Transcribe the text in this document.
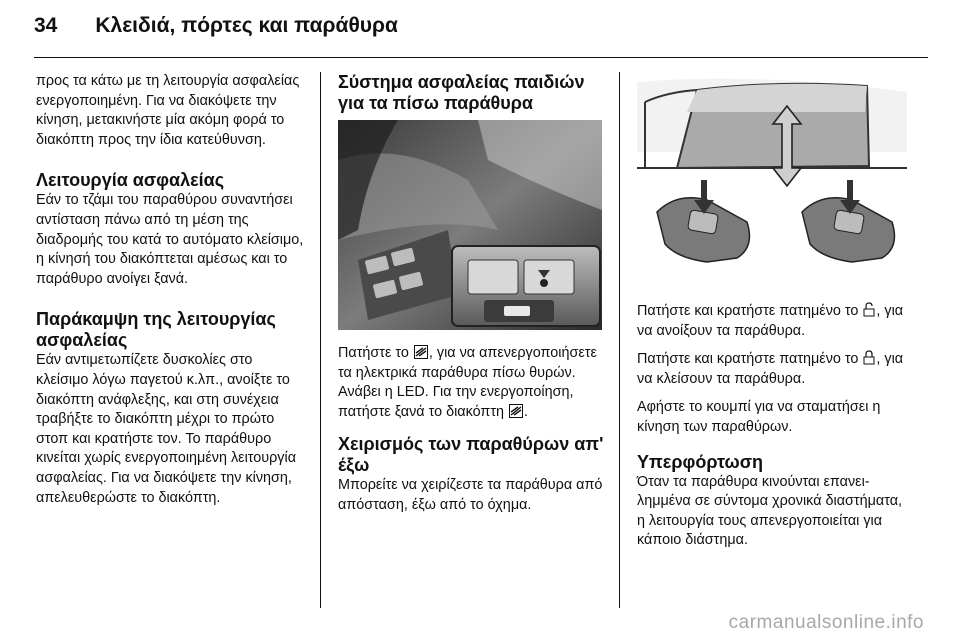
34 Κλειδιά, πόρτες και παράθυρα

προς τα κάτω με τη λειτουργία ασφαλείας ενεργοποιημένη. Για να διακόψετε την κίνηση, μετακινήστε μία ακόμη φορά το διακόπτη προς την ίδια κατεύθυνση.

Λειτουργία ασφαλείας

Εάν το τζάμι του παραθύρου συναντήσει αντίσταση πάνω από τη μέση της διαδρομής του κατά το αυτόματο κλείσιμο, η κίνησή του διακόπτεται αμέσως και το παράθυρο ανοίγει ξανά.

Παράκαμψη της λειτουργίας ασφαλείας

Εάν αντιμετωπίζετε δυσκολίες στο κλείσιμο λόγω παγετού κ.λπ., ανοίξτε το διακόπτη ανάφλεξης, και στη συνέχεια τραβήξτε το διακόπτη μέχρι το πρώτο στοπ και κρατήστε τον. Το παράθυρο κινείται χωρίς ενεργοποιημένη λειτουργία ασφαλείας. Για να διακόψετε την κίνηση, απελευθερώστε το διακόπτη.

Σύστημα ασφαλείας παιδιών για τα πίσω παράθυρα

Πατήστε το , για να απενεργοποιήσετε τα ηλεκτρικά παράθυρα πίσω θυρών. Ανάβει η LED. Για την ενεργοποίηση, πατήστε ξανά το διακόπτη .

Χειρισμός των παραθύρων απ' έξω

Μπορείτε να χειρίζεστε τα παράθυρα από απόσταση, έξω από το όχημα.

Πατήστε και κρατήστε πατημένο το , για να ανοίξουν τα παράθυρα.

Πατήστε και κρατήστε πατημένο το , για να κλείσουν τα παράθυρα.

Αφήστε το κουμπί για να σταματήσει η κίνηση των παραθύρων.

Υπερφόρτωση

Όταν τα παράθυρα κινούνται επανειλημμένα σε σύντομα χρονικά διαστήματα, η λειτουργία τους απενεργοποιείται για κάποιο διάστημα.

carmanualsonline.info
